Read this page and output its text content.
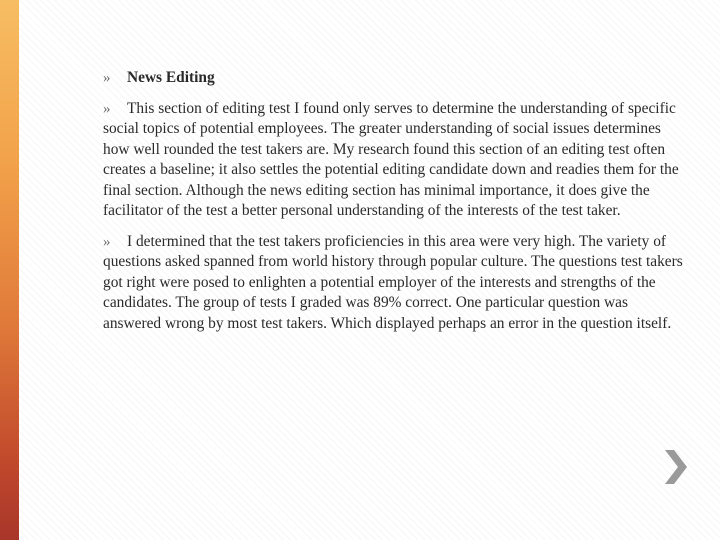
» News Editing
» This section of editing test I found only serves to determine the understanding of specific social topics of potential employees. The greater understanding of social issues determines how well rounded the test takers are. My research found this section of an editing test often creates a baseline; it also settles the potential editing candidate down and readies them for the final section. Although the news editing section has minimal importance, it does give the facilitator of the test a better personal understanding of the interests of the test taker.
» I determined that the test takers proficiencies in this area were very high. The variety of questions asked spanned from world history through popular culture. The questions test takers got right were posed to enlighten a potential employer of the interests and strengths of the candidates. The group of tests I graded was 89% correct. One particular question was answered wrong by most test takers. Which displayed perhaps an error in the question itself.
